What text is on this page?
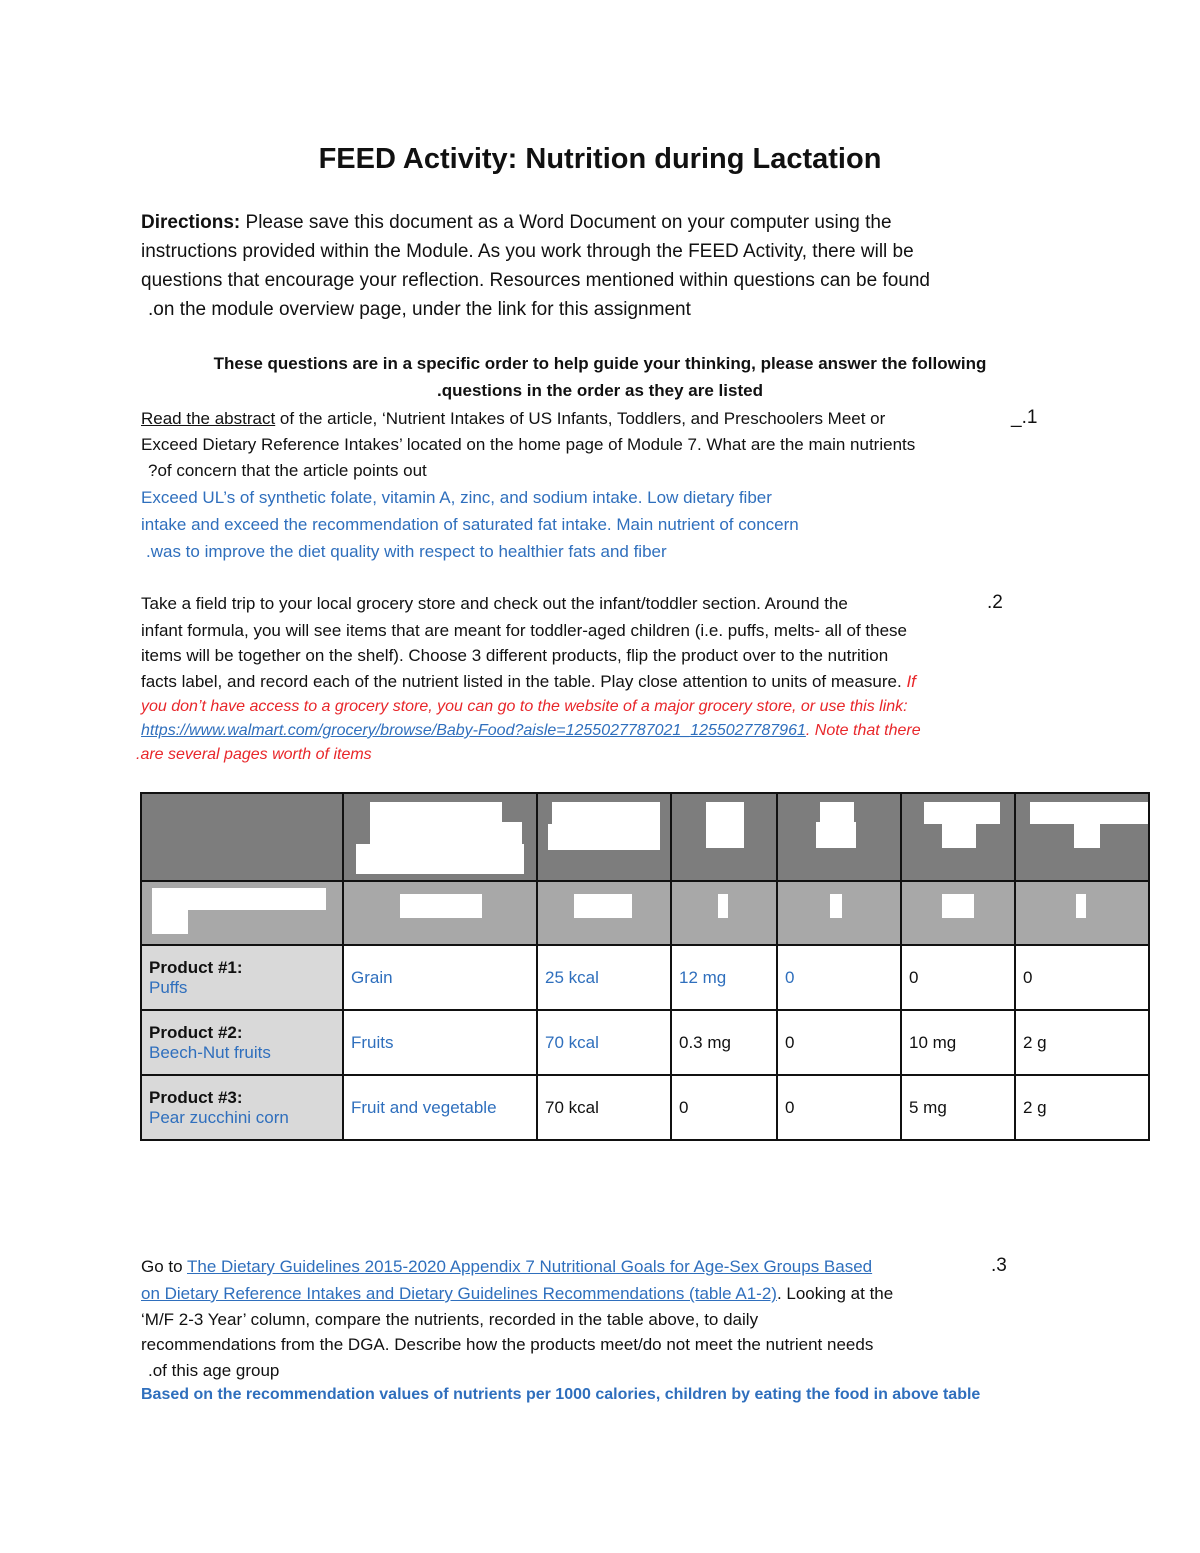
FEED Activity: Nutrition during Lactation
Directions: Please save this document as a Word Document on your computer using the
instructions provided within the Module. As you work through the FEED Activity, there will be
questions that encourage your reflection. Resources mentioned within questions can be found
.on the module overview page, under the link for this assignment
These questions are in a specific order to help guide your thinking, please answer the following
.questions in the order as they are listed
Read the abstract of the article, ‘Nutrient Intakes of US Infants, Toddlers, and Preschoolers Meet or	_.1
Exceed Dietary Reference Intakes’ located on the home page of Module 7. What are the main nutrients
?of concern that the article points out
Exceed UL’s of synthetic folate, vitamin A, zinc, and sodium intake. Low dietary fiber
intake and exceed the recommendation of saturated fat intake. Main nutrient of concern
.was to improve the diet quality with respect to healthier fats and fiber
Take a field trip to your local grocery store and check out the infant/toddler section. Around the	.2
infant formula, you will see items that are meant for toddler-aged children (i.e. puffs, melts- all of these
items will be together on the shelf). Choose 3 different products, flip the product over to the nutrition
facts label, and record each of the nutrient listed in the table. Play close attention to units of measure. If
you don’t have access to a grocery store, you can go to the website of a major grocery store, or use this link:
https://www.walmart.com/grocery/browse/Baby-Food?aisle=1255027787021_1255027787961. Note that there
.are several pages worth of items

Product #1:
Puffs	Grain	25 kcal	12 mg	0	0	0

Product #2:
Beech-Nut fruits	Fruits	70 kcal	0.3 mg	0	10 mg	2 g

Product #3:
Pear zucchini corn	Fruit and vegetable	70 kcal	0	0	5 mg	2 g
Go to The Dietary Guidelines 2015-2020 Appendix 7 Nutritional Goals for Age-Sex Groups Based	.3
on Dietary Reference Intakes and Dietary Guidelines Recommendations (table A1-2). Looking at the
‘M/F 2-3 Year’ column, compare the nutrients, recorded in the table above, to daily
recommendations from the DGA. Describe how the products meet/do not meet the nutrient needs
.of this age group
Based on the recommendation values of nutrients per 1000 calories, children by eating the food in above table
